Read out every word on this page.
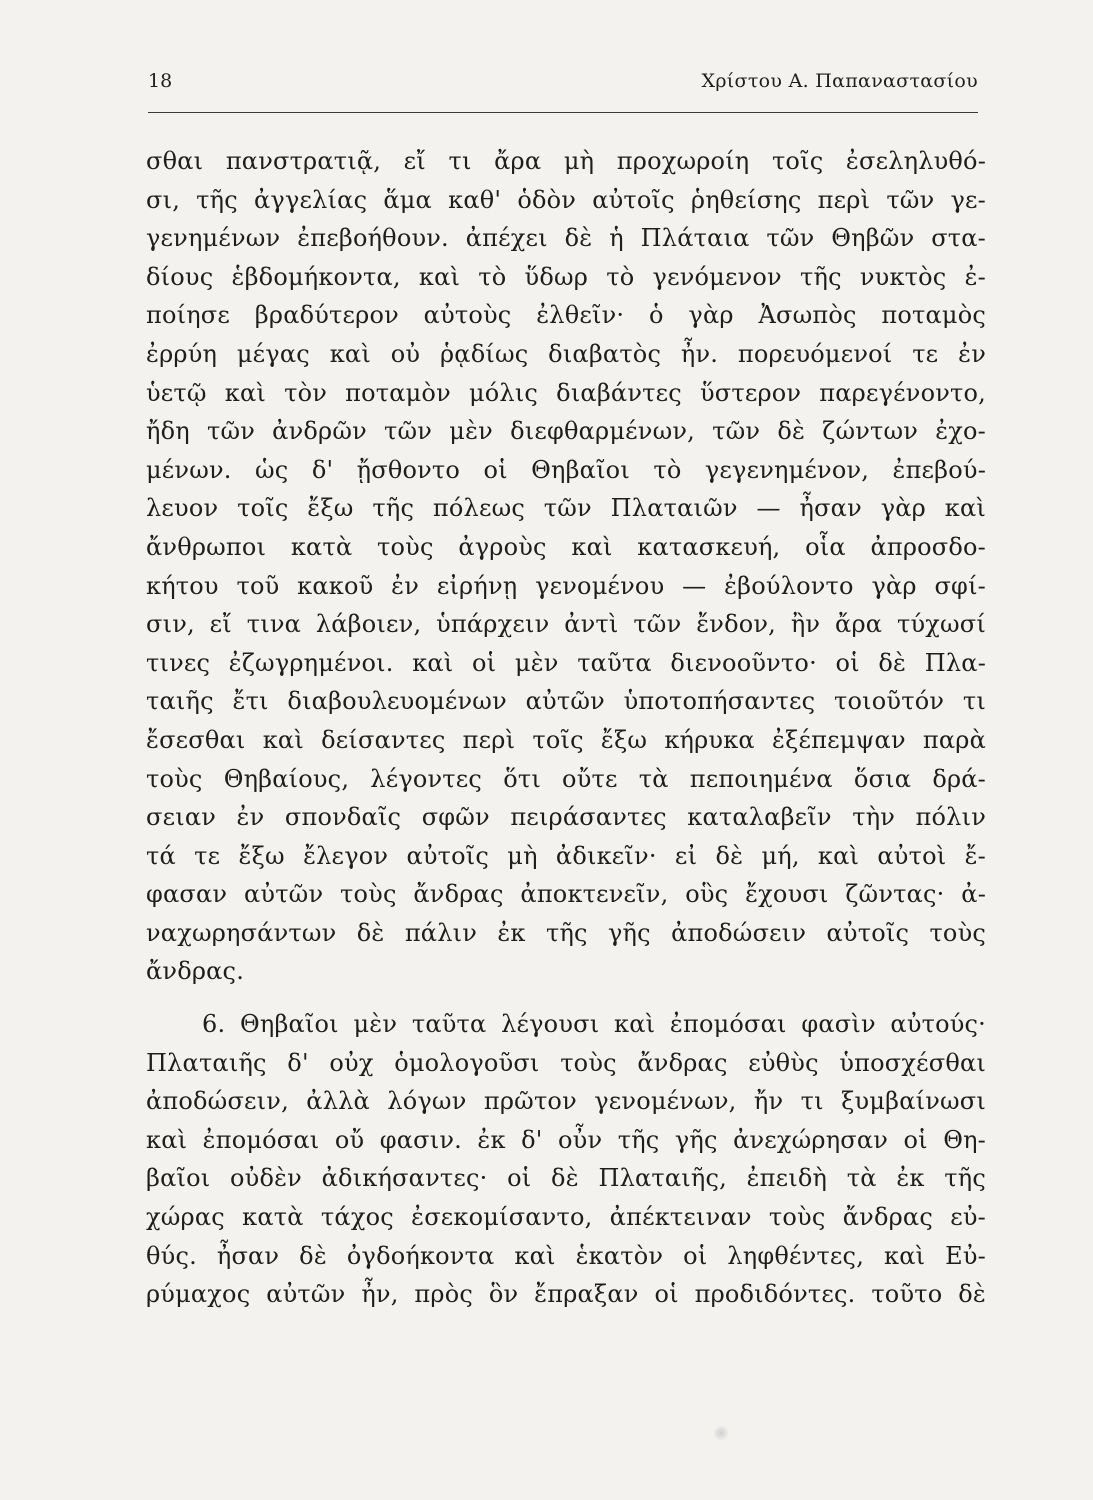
18	Χρίστου Α. Παπαναστασίου
σθαι πανστρατιᾷ, εἴ τι ἄρα μὴ προχωροίη τοῖς ἐσεληλυθό-
σι, τῆς ἀγγελίας ἅμα καθ' ὁδὸν αὐτοῖς ῥηθείσης περὶ τῶν γε-
γενημένων ἐπεβοήθουν. ἀπέχει δὲ ἡ Πλάταια τῶν Θηβῶν στα-
δίους ἑβδομήκοντα, καὶ τὸ ὕδωρ τὸ γενόμενον τῆς νυκτὸς ἐ-
ποίησε βραδύτερον αὐτοὺς ἐλθεῖν· ὁ γὰρ Ἀσωπὸς ποταμὸς
ἐρρύη μέγας καὶ οὐ ῥᾳδίως διαβατὸς ἦν. πορευόμενοί τε ἐν
ὑετῷ καὶ τὸν ποταμὸν μόλις διαβάντες ὕστερον παρεγένοντο,
ἤδη τῶν ἀνδρῶν τῶν μὲν διεφθαρμένων, τῶν δὲ ζώντων ἐχο-
μένων. ὡς δ' ᾔσθοντο οἱ Θηβαῖοι τὸ γεγενημένον, ἐπεβού-
λευον τοῖς ἔξω τῆς πόλεως τῶν Πλαταιῶν — ἦσαν γὰρ καὶ
ἄνθρωποι κατὰ τοὺς ἀγροὺς καὶ κατασκευή, οἷα ἀπροσδο-
κήτου τοῦ κακοῦ ἐν εἰρήνῃ γενομένου — ἐβούλοντο γὰρ σφί-
σιν, εἴ τινα λάβοιεν, ὑπάρχειν ἀντὶ τῶν ἔνδον, ἢν ἄρα τύχωσί
τινες ἐζωγρημένοι. καὶ οἱ μὲν ταῦτα διενοοῦντο· οἱ δὲ Πλα-
ταιῆς ἔτι διαβουλευομένων αὐτῶν ὑποτοπήσαντες τοιοῦτόν τι
ἔσεσθαι καὶ δείσαντες περὶ τοῖς ἔξω κήρυκα ἐξέπεμψαν παρὰ
τοὺς Θηβαίους, λέγοντες ὅτι οὔτε τὰ πεποιημένα ὅσια δρά-
σειαν ἐν σπονδαῖς σφῶν πειράσαντες καταλαβεῖν τὴν πόλιν
τά τε ἔξω ἔλεγον αὐτοῖς μὴ ἀδικεῖν· εἰ δὲ μή, καὶ αὐτοὶ ἔ-
φασαν αὐτῶν τοὺς ἄνδρας ἀποκτενεῖν, οὓς ἔχουσι ζῶντας· ἀ-
ναχωρησάντων δὲ πάλιν ἐκ τῆς γῆς ἀποδώσειν αὐτοῖς τοὺς
ἄνδρας.
6. Θηβαῖοι μὲν ταῦτα λέγουσι καὶ ἐπομόσαι φασὶν αὐτούς·
Πλαταιῆς δ' οὐχ ὁμολογοῦσι τοὺς ἄνδρας εὐθὺς ὑποσχέσθαι
ἀποδώσειν, ἀλλὰ λόγων πρῶτον γενομένων, ἤν τι ξυμβαίνωσι
καὶ ἐπομόσαι οὔ φασιν. ἐκ δ' οὖν τῆς γῆς ἀνεχώρησαν οἱ Θη-
βαῖοι οὐδὲν ἀδικήσαντες· οἱ δὲ Πλαταιῆς, ἐπειδὴ τὰ ἐκ τῆς
χώρας κατὰ τάχος ἐσεκομίσαντο, ἀπέκτειναν τοὺς ἄνδρας εὐ-
θύς. ἦσαν δὲ ὀγδοήκοντα καὶ ἑκατὸν οἱ ληφθέντες, καὶ Εὐ-
ρύμαχος αὐτῶν ἦν, πρὸς ὃν ἔπραξαν οἱ προδιδόντες. τοῦτο δὲ
